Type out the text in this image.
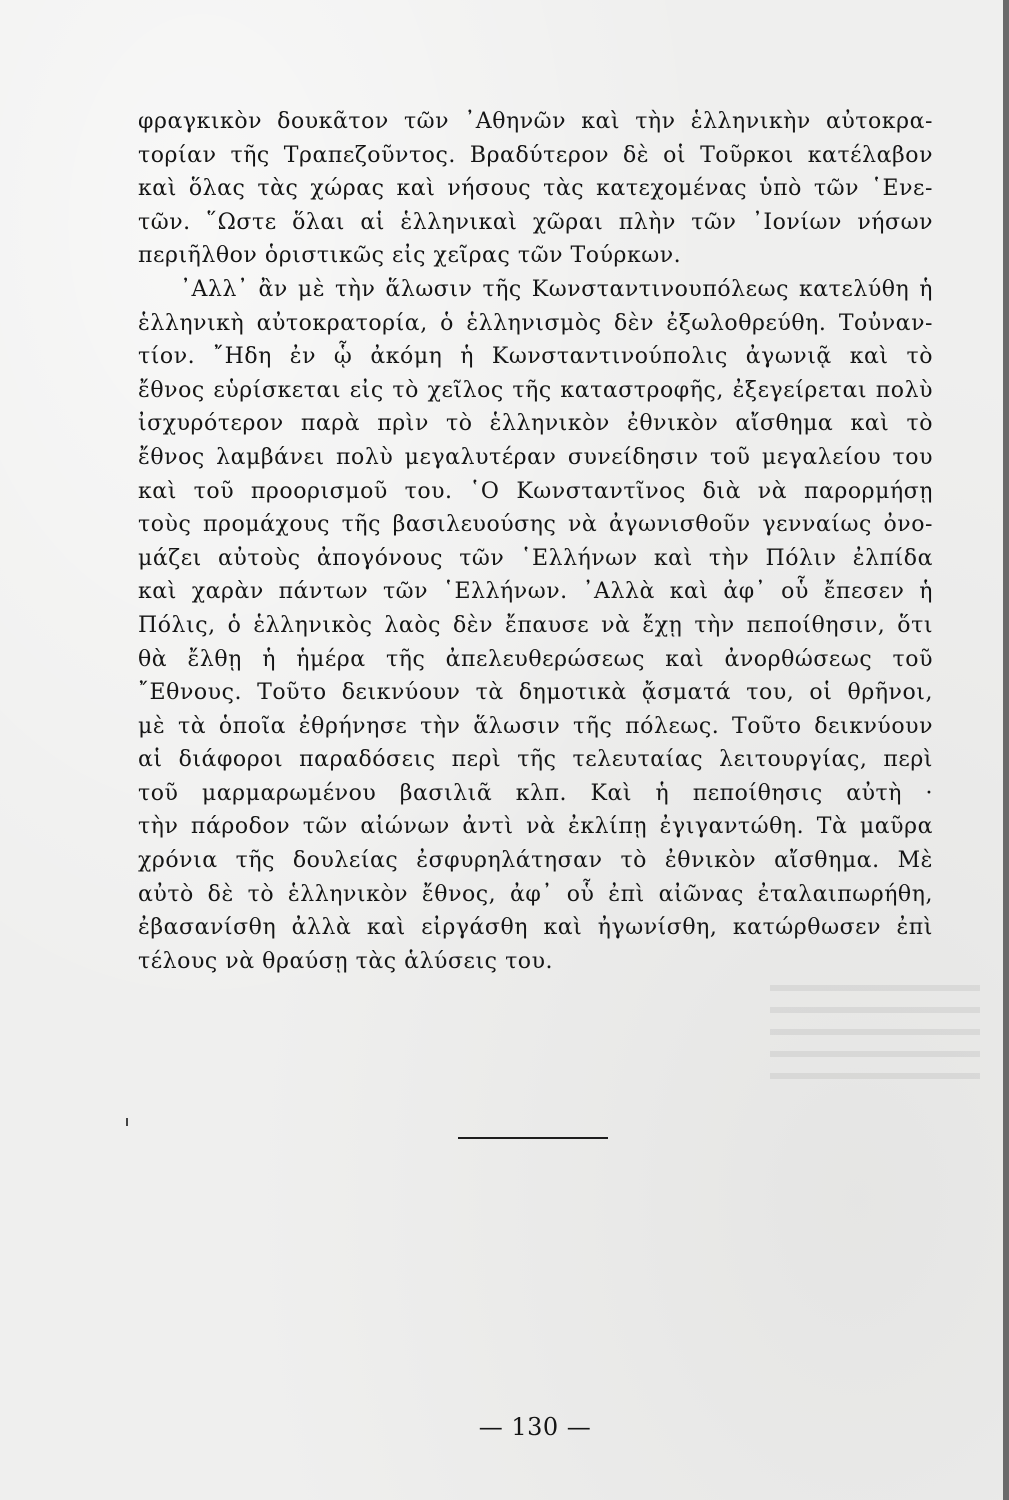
φραγκικὸν δουκᾶτον τῶν ᾿Αθηνῶν καὶ τὴν ἑλληνικὴν αὐτοκρα-
τορίαν τῆς Τραπεζοῦντος. Βραδύτερον δὲ οἱ Τοῦρκοι κατέλαβον
καὶ ὅλας τὰς χώρας καὶ νήσους τὰς κατεχομένας ὑπὸ τῶν ῾Ενε-
τῶν. ῞Ωστε ὅλαι αἱ ἑλληνικαὶ χῶραι πλὴν τῶν ᾿Ιονίων νήσων
περιῆλθον ὁριστικῶς εἰς χεῖρας τῶν Τούρκων.
᾿Αλλ᾿ ἂν μὲ τὴν ἅλωσιν τῆς Κωνσταντινουπόλεως κατελύθη ἡ
ἑλληνικὴ αὐτοκρατορία, ὁ ἑλληνισμὸς δὲν ἐξωλοθρεύθη. Τοὐναν-
τίον. ῎Ηδη ἐν ᾧ ἀκόμη ἡ Κωνσταντινούπολις ἀγωνιᾷ καὶ τὸ
ἔθνος εὑρίσκεται εἰς τὸ χεῖλος τῆς καταστροφῆς, ἐξεγείρεται πολὺ
ἰσχυρότερον παρὰ πρὶν τὸ ἑλληνικὸν ἐθνικὸν αἴσθημα καὶ τὸ
ἔθνος λαμβάνει πολὺ μεγαλυτέραν συνείδησιν τοῦ μεγαλείου του
καὶ τοῦ προορισμοῦ του. ῾Ο Κωνσταντῖνος διὰ νὰ παρορμήσῃ
τοὺς προμάχους τῆς βασιλευούσης νὰ ἀγωνισθοῦν γενναίως ὀνο-
μάζει αὐτοὺς ἀπογόνους τῶν ῾Ελλήνων καὶ τὴν Πόλιν ἐλπίδα
καὶ χαρὰν πάντων τῶν ῾Ελλήνων. ᾿Αλλὰ καὶ ἀφ᾿ οὗ ἔπεσεν ἡ
Πόλις, ὁ ἑλληνικὸς λαὸς δὲν ἔπαυσε νὰ ἔχῃ τὴν πεποίθησιν, ὅτι
θὰ ἔλθῃ ἡ ἡμέρα τῆς ἀπελευθερώσεως καὶ ἀνορθώσεως τοῦ
῎Εθνους. Τοῦτο δεικνύουν τὰ δημοτικὰ ᾄσματά του, οἱ θρῆνοι,
μὲ τὰ ὁποῖα ἐθρήνησε τὴν ἅλωσιν τῆς πόλεως. Τοῦτο δεικνύουν
αἱ διάφοροι παραδόσεις περὶ τῆς τελευταίας λειτουργίας, περὶ
τοῦ μαρμαρωμένου βασιλιᾶ κλπ. Καὶ ἡ πεποίθησις αὐτὴ ·
τὴν πάροδον τῶν αἰώνων ἀντὶ νὰ ἐκλίπῃ ἐγιγαντώθη. Τὰ μαῦρα
χρόνια τῆς δουλείας ἐσφυρηλάτησαν τὸ ἐθνικὸν αἴσθημα. Μὲ
αὐτὸ δὲ τὸ ἑλληνικὸν ἔθνος, ἀφ᾿ οὗ ἐπὶ αἰῶνας ἐταλαιπωρήθη,
ἐβασανίσθη ἀλλὰ καὶ εἰργάσθη καὶ ἠγωνίσθη, κατώρθωσεν ἐπὶ
τέλους νὰ θραύσῃ τὰς ἁλύσεις του.
— 130 —
